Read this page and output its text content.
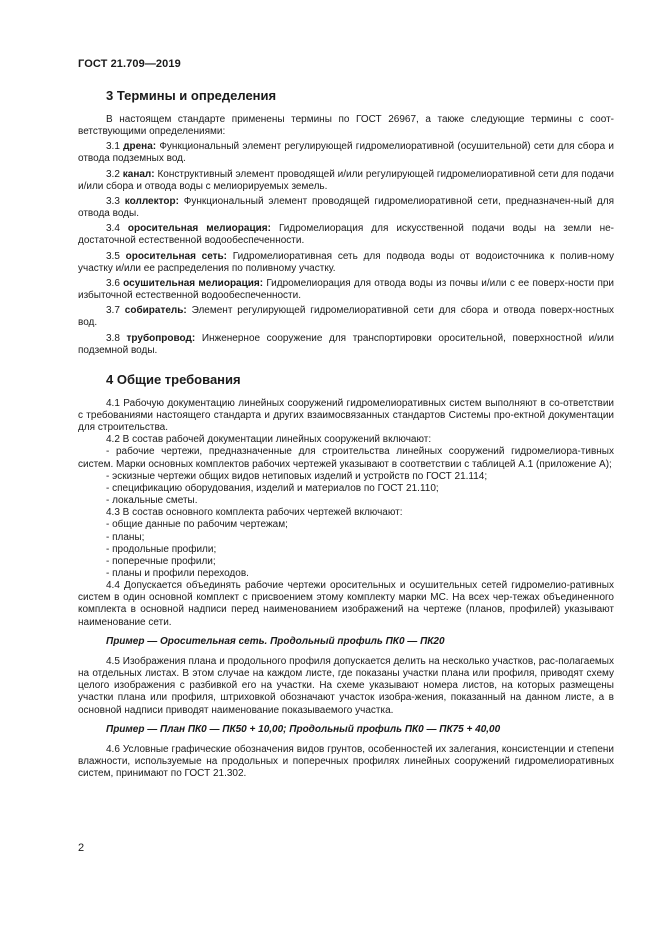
ГОСТ 21.709—2019
3 Термины и определения

В настоящем стандарте применены термины по ГОСТ 26967, а также следующие термины с соот-ветствующими определениями:

3.1 дрена: Функциональный элемент регулирующей гидромелиоративной (осушительной) сети для сбора и отвода подземных вод.

3.2 канал: Конструктивный элемент проводящей и/или регулирующей гидромелиоративной сети для подачи и/или сбора и отвода воды с мелиорируемых земель.

3.3 коллектор: Функциональный элемент проводящей гидромелиоративной сети, предназначен-ный для отвода воды.

3.4 оросительная мелиорация: Гидромелиорация для искусственной подачи воды на земли не-достаточной естественной водообеспеченности.

3.5 оросительная сеть: Гидромелиоративная сеть для подвода воды от водоисточника к полив-ному участку и/или ее распределения по поливному участку.

3.6 осушительная мелиорация: Гидромелиорация для отвода воды из почвы и/или с ее поверх-ности при избыточной естественной водообеспеченности.

3.7 собиратель: Элемент регулирующей гидромелиоративной сети для сбора и отвода поверх-ностных вод.

3.8 трубопровод: Инженерное сооружение для транспортировки оросительной, поверхностной и/или подземной воды.

4 Общие требования

4.1 Рабочую документацию линейных сооружений гидромелиоративных систем выполняют в со-ответствии с требованиями настоящего стандарта и других взаимосвязанных стандартов Системы про-ектной документации для строительства.

4.2 В состав рабочей документации линейных сооружений включают:

- рабочие чертежи, предназначенные для строительства линейных сооружений гидромелиора-тивных систем. Марки основных комплектов рабочих чертежей указывают в соответствии с таблицей А.1 (приложение А);

- эскизные чертежи общих видов нетиповых изделий и устройств по ГОСТ 21.114;

- спецификацию оборудования, изделий и материалов по ГОСТ 21.110;

- локальные сметы.

4.3 В состав основного комплекта рабочих чертежей включают:

- общие данные по рабочим чертежам;

- планы;

- продольные профили;

- поперечные профили;

- планы и профили переходов.

4.4 Допускается объединять рабочие чертежи оросительных и осушительных сетей гидромелио-ративных систем в один основной комплект с присвоением этому комплекту марки МС. На всех чер-тежах объединенного комплекта в основной надписи перед наименованием изображений на чертеже (планов, профилей) указывают наименование сети.

Пример — Оросительная сеть. Продольный профиль ПК0 — ПК20

4.5 Изображения плана и продольного профиля допускается делить на несколько участков, рас-полагаемых на отдельных листах. В этом случае на каждом листе, где показаны участки плана или профиля, приводят схему целого изображения с разбивкой его на участки. На схеме указывают номера листов, на которых размещены участки плана или профиля, штриховкой обозначают участок изобра-жения, показанный на данном листе, а в основной надписи приводят наименование показываемого участка.

Пример — План ПК0 — ПК50 + 10,00; Продольный профиль ПК0 — ПК75 + 40,00

4.6 Условные графические обозначения видов грунтов, особенностей их залегания, консистенции и степени влажности, используемые на продольных и поперечных профилях линейных сооружений гидромелиоративных систем, принимают по ГОСТ 21.302.

2
